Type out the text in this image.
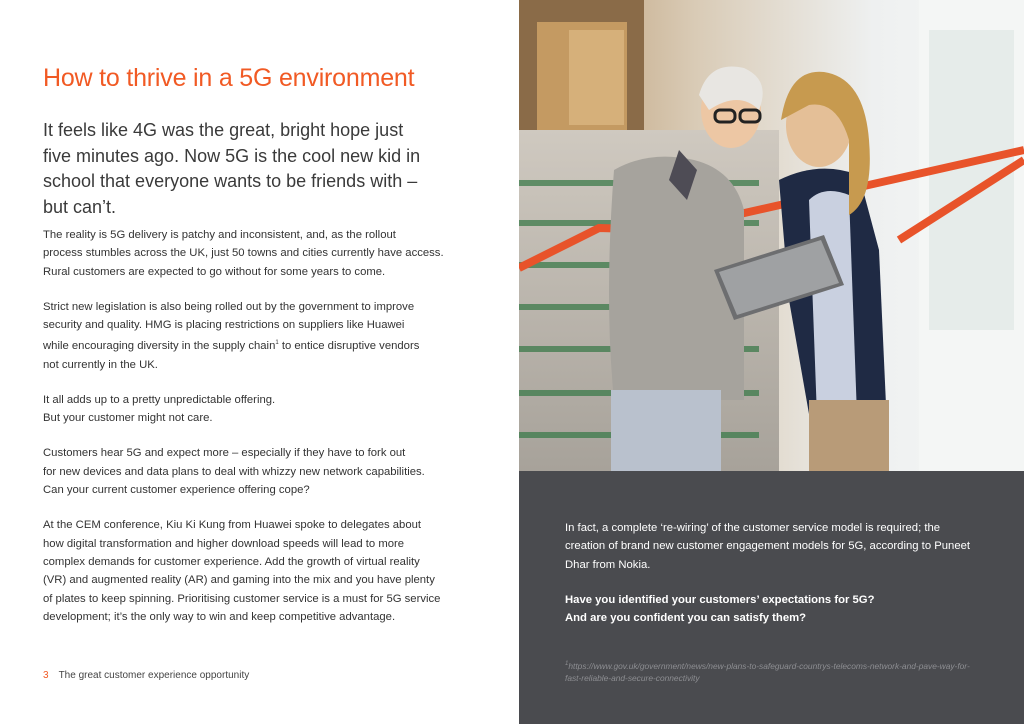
How to thrive in a 5G environment

It feels like 4G was the great, bright hope just five minutes ago. Now 5G is the cool new kid in school that everyone wants to be friends with – but can’t.

The reality is 5G delivery is patchy and inconsistent, and, as the rollout
process stumbles across the UK, just 50 towns and cities currently have access.
Rural customers are expected to go without for some years to come.

Strict new legislation is also being rolled out by the government to improve
security and quality. HMG is placing restrictions on suppliers like Huawei
while encouraging diversity in the supply chain$^1$ to entice disruptive vendors
not currently in the UK.

It all adds up to a pretty unpredictable offering.
But your customer might not care.

Customers hear 5G and expect more – especially if they have to fork out
for new devices and data plans to deal with whizzy new network capabilities.
Can your current customer experience offering cope?

At the CEM conference, Kiu Ki Kung from Huawei spoke to delegates about
how digital transformation and higher download speeds will lead to more
complex demands for customer experience. Add the growth of virtual reality
(VR) and augmented reality (AR) and gaming into the mix and you have plenty
of plates to keep spinning. Prioritising customer service is a must for 5G service
development; it’s the only way to win and keep competitive advantage.

3 The great customer experience opportunity

In fact, a complete ‘re-wiring’ of the customer service model is required; the creation of brand new customer engagement models for 5G, according to Puneet Dhar from Nokia.

Have you identified your customers’ expectations for 5G?
And are you confident you can satisfy them?

$^1$https://www.gov.uk/government/news/new-plans-to-safeguard-countrys-telecoms-network-and-pave-way-for-fast-reliable-and-secure-connectivity
